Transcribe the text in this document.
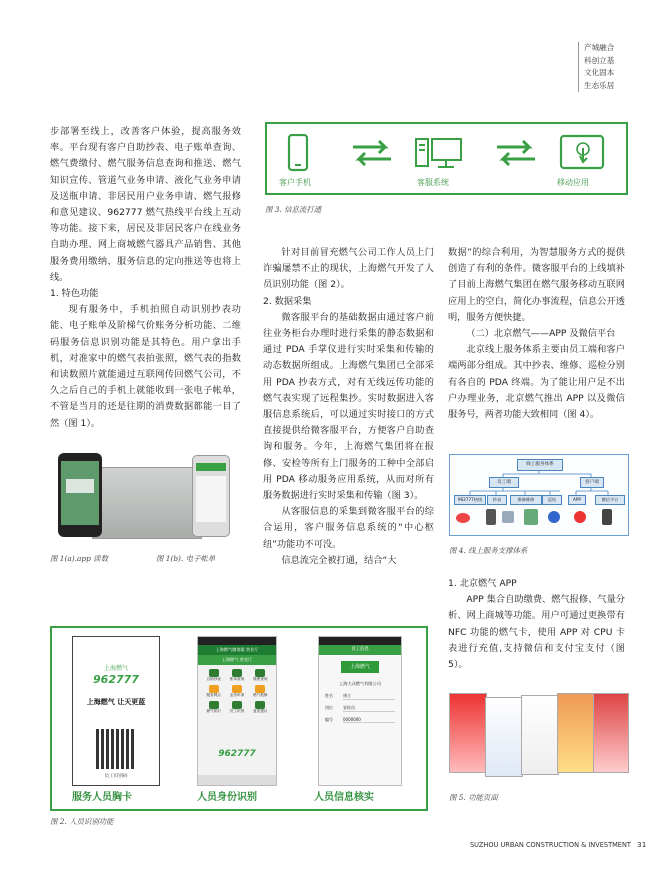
产城融合
科创立基
文化固本
生态乐居

步部署至线上，改善客户体验，提高服务效率。平台现有客户自助抄表、电子账单查询、燃气费缴付、燃气服务信息查询和推送、燃气知识宣传、管道气业务申请、液化气业务申请及送瓶申请、非居民用户业务申请、燃气报修和意见建议、962777 燃气热线平台线上互动等功能。接下来，居民及非居民客户在线业务自助办理、网上商城燃气器具产品销售、其他服务费用缴纳、服务信息的定向推送等也将上线。

1. 特色功能

现有服务中，手机拍照自动识别抄表功能、电子账单及阶梯气价账务分析功能、二维码服务信息识别功能是其特色。用户拿出手机，对准家中的燃气表拍张照，燃气表的指数和读数照片就能通过互联网传回燃气公司，不久之后自己的手机上就能收到一张电子帐单，不管是当月的还是往期的消费数据都能一目了然（图 1）。

客户手机	客服系统	移动应用
图 3. 信息流打通

针对目前冒充燃气公司工作人员上门诈骗屡禁不止的现状，上海燃气开发了人员识别功能（图 2）。

2. 数据采集

微客服平台的基础数据由通过客户前往业务柜台办理时进行采集的静态数据和通过 PDA 手掌仪进行实时采集和传输的动态数据所组成。上海燃气集团已全部采用 PDA 抄表方式，对有无线远传功能的燃气表实现了远程集抄。实时数据进入客服信息系统后，可以通过实时接口的方式直接提供给微客服平台，方便客户自助查询和服务。今年，上海燃气集团将在报修、安检等所有上门服务的工种中全部启用 PDA 移动服务应用系统，从而对所有服务数据进行实时采集和传输（图 3）。

从客服信息的采集到微客服平台的综合运用，客户服务信息系统的“中心枢纽”功能功不可没。

信息流完全被打通，结合“大

数据”的综合利用，为智慧服务方式的提供创造了有利的条件。微客服平台的上线填补了目前上海燃气集团在燃气服务移动互联网应用上的空白，简化办事流程，信息公开透明，服务方便快捷。

（二）北京燃气——APP 及微信平台

北京线上服务体系主要由员工端和客户端两部分组成。其中抄表、维修、巡检分别有各自的 PDA 终端。为了能让用户足不出户办理业务，北京燃气推出 APP 以及微信服务号，两者功能大致相同（图 4）。

图 1(a).app 读数	图 1(b). 电子帐单
线上服务体系
员工端	客户端
962777热线	抄表	维修维修	巡检	APP	微信平台
图 4. 线上服务支撑体系

1. 北京燃气 APP

APP 集合自助缴费、燃气报修、气量分析、网上商城等功能。用户可通过更换带有 NFC 功能的燃气卡，使用 APP 对 CPU 卡表进行充值,支持微信和支付宝支付（图 5）。

上海燃气
962777
上海燃气 让天更蓝
员工识别码
上海燃气微客服 营业厅
上海燃气 营业厅
自助抄表	账单查询	缴费查询
服务网点	业务申请	燃气报修
燃气知识	员工识别	意见建议
962777
员工信息
上海燃气
上海大众燃气有限公司
姓名	康立
岗位	安检员
编号	0000000
服务人员胸卡	人员身份识别	人员信息核实
图 2. 人员识别功能
图 5. 功能页面
SUZHOU URBAN CONSTRUCTION & INVESTMENT 31
